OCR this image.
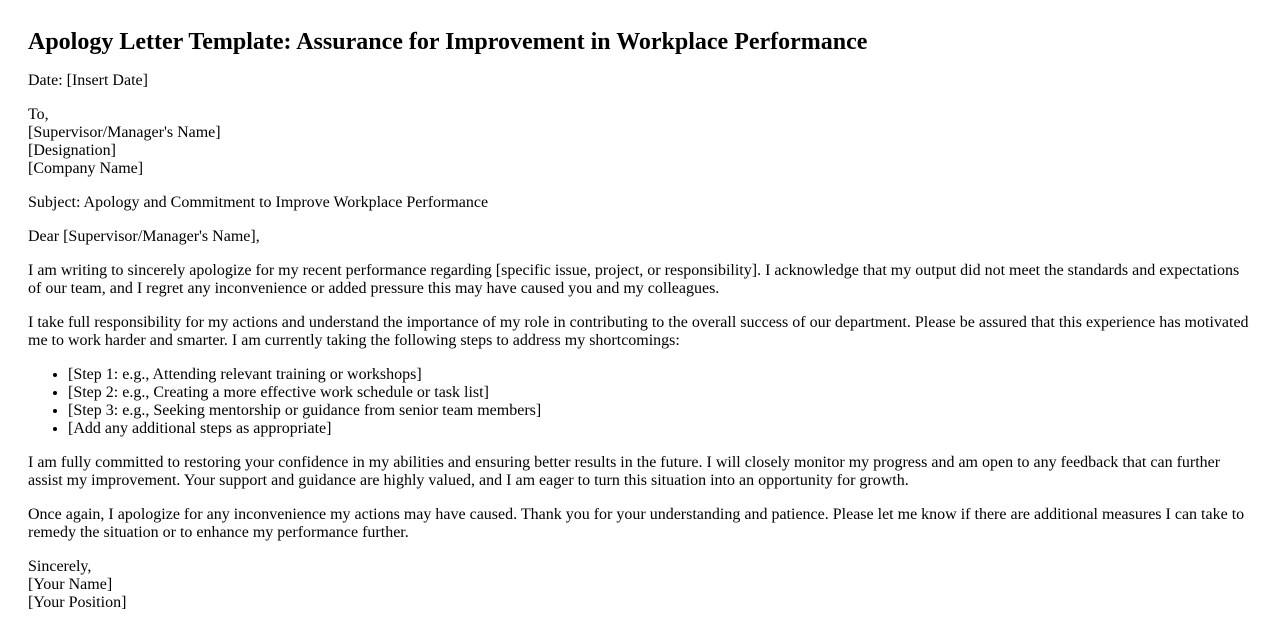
Apology Letter Template: Assurance for Improvement in Workplace Performance

Date: [Insert Date]

To,
[Supervisor/Manager's Name]
[Designation]
[Company Name]

Subject: Apology and Commitment to Improve Workplace Performance

Dear [Supervisor/Manager's Name],

I am writing to sincerely apologize for my recent performance regarding [specific issue, project, or responsibility]. I acknowledge that my output did not meet the standards and expectations of our team, and I regret any inconvenience or added pressure this may have caused you and my colleagues.

I take full responsibility for my actions and understand the importance of my role in contributing to the overall success of our department. Please be assured that this experience has motivated me to work harder and smarter. I am currently taking the following steps to address my shortcomings:

• [Step 1: e.g., Attending relevant training or workshops]
• [Step 2: e.g., Creating a more effective work schedule or task list]
• [Step 3: e.g., Seeking mentorship or guidance from senior team members]
• [Add any additional steps as appropriate]

I am fully committed to restoring your confidence in my abilities and ensuring better results in the future. I will closely monitor my progress and am open to any feedback that can further assist my improvement. Your support and guidance are highly valued, and I am eager to turn this situation into an opportunity for growth.

Once again, I apologize for any inconvenience my actions may have caused. Thank you for your understanding and patience. Please let me know if there are additional measures I can take to remedy the situation or to enhance my performance further.

Sincerely,
[Your Name]
[Your Position]
